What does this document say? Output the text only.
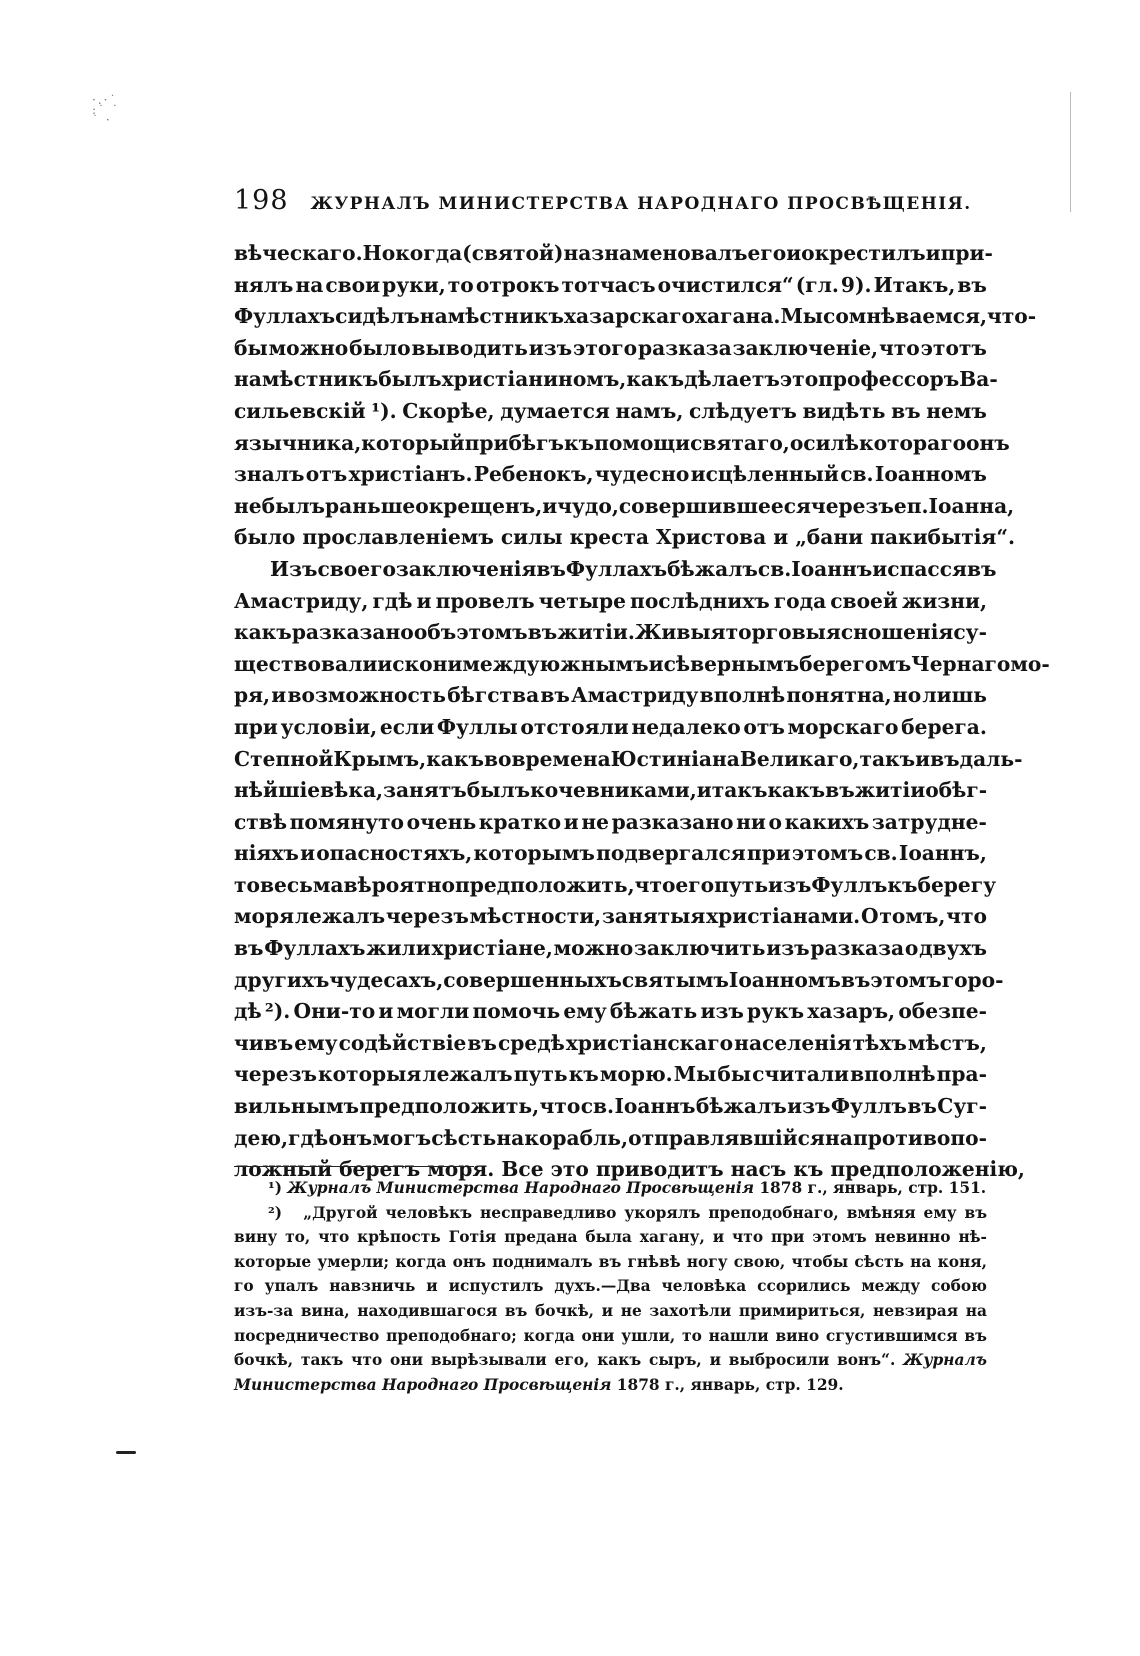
·.·˙
:˙ ˙
˙ ·
198 ЖУРНАЛЪ МИНИСТЕРСТВА НАРОДНАГО ПРОСВѢЩЕНІЯ.
вѣческаго. Но когда (святой) назнаменовалъ его и окрестилъ и при-
нялъ на свои руки, то отрокъ тотчасъ очистился“ (гл. 9). Итакъ, въ
Фуллахъ сидѣлъ намѣстникъ хазарскаго хагана. Мы сомнѣваемся, что-
бы можно было выводить изъ этого разказа заключеніе, что этотъ
намѣстникъ былъ христіаниномъ, какъ дѣлаетъ это профессоръ Ва-
сильевскій ¹). Скорѣе, думается намъ, слѣдуетъ видѣть въ немъ
язычника, который прибѣгъ къ помощи святаго, о силѣ котораго онъ
зналъ отъ христіанъ. Ребенокъ, чудесно исцѣленный св. Іоанномъ
не былъ раньше окрещенъ, и чудо, совершившееся черезъ еп. Іоанна,
было прославленіемъ силы креста Христова и „бани пакибытія“.
Изъ своего заключенія въ Фуллахъ бѣжалъ св. Іоаннъ и спасся въ
Амастриду, гдѣ и провелъ четыре послѣднихъ года своей жизни,
какъ разказано объ этомъ въ житіи. Живыя торговыя сношенія су-
ществовали искони между южнымъ и сѣвернымъ берегомъ Чернаго мо-
ря, и возможность бѣгства въ Амастриду вполнѣ понятна, но лишь
при условіи, если Фуллы отстояли недалеко отъ морскаго берега.
Степной Крымъ, какъ во времена Юстиніана Великаго, такъ и въ даль-
нѣйшіе вѣка, занятъ былъ кочевниками, и такъ какъ въ житіи о бѣг-
ствѣ помянуто очень кратко и не разказано ни о какихъ затрудне-
ніяхъ и опасностяхъ, которымъ подвергался при этомъ св. Іоаннъ,
то весьма вѣроятно предположить, что его путь изъ Фуллъ къ берегу
моря лежалъ черезъ мѣстности, занятыя христіанами. О томъ, что
въ Фуллахъ жили христіане, можно заключить изъ разказа о двухъ
другихъ чудесахъ, совершенныхъ святымъ Іоанномъ въ этомъ горо-
дѣ ²). Они-то и могли помочь ему бѣжать изъ рукъ хазаръ, обезпе-
чивъ ему содѣйствіе въ средѣ христіанскаго населенія тѣхъ мѣстъ,
черезъ которыя лежалъ путь къ морю. Мы бы считали вполнѣ пра-
вильнымъ предположить, что св. Іоаннъ бѣжалъ изъ Фуллъ въ Суг-
дею, гдѣ онъ могъ сѣсть на корабль, отправлявшійся на противопо-
ложный берегъ моря. Все это приводитъ насъ къ предположенію,
¹)
Журналъ Министерства Народнаго Просвѣщенія
1878 г., январь, стр. 151.
²)
„Другой человѣкъ несправедливо укорялъ преподобнаго, вмѣняя ему въ
вину то, что крѣпость Готія предана была хагану, и что при этомъ невинно нѣ-
которые умерли; когда онъ поднималъ въ гнѣвѣ ногу свою, чтобы сѣсть на коня,
го упалъ навзничь и испустилъ духъ.—Два человѣка ссорились между собою
изъ-за вина, находившагося въ бочкѣ, и не захотѣли примириться, невзирая на
посредничество преподобнаго; когда они ушли, то нашли вино сгустившимся въ
бочкѣ, такъ что они вырѣзывали его, какъ сыръ, и выбросили вонъ“. Журналъ
Министерства Народнаго Просвѣщенія
1878 г., январь, стр. 129.
